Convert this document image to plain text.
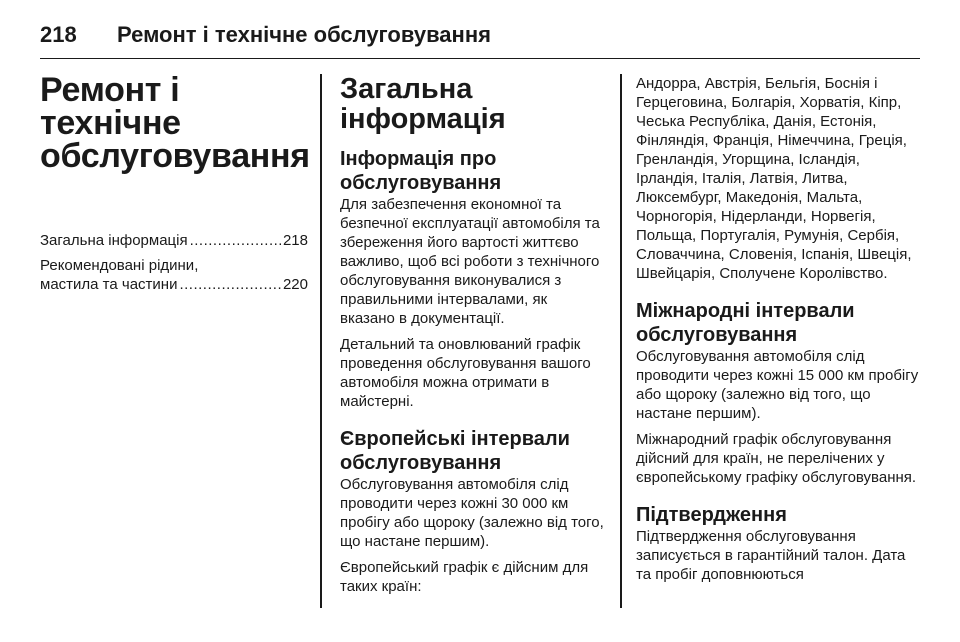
218 Ремонт і технічне обслуговування
Ремонт і технічне обслуговування
Загальна інформація .....	218
Рекомендовані рідини,
мастила та частини .....	220
Загальна інформація
Інформація про обслуговування

Для забезпечення економної та безпечної експлуатації автомобіля та збереження його вартості життєво важливо, щоб всі роботи з технічного обслуговування виконувалися з правильними інтервалами, як вказано в документації.

Детальний та оновлюваний графік проведення обслуговування вашого автомобіля можна отримати в майстерні.

Європейські інтервали обслуговування

Обслуговування автомобіля слід проводити через кожні 30 000 км пробігу або щороку (залежно від того, що настане першим).

Європейський графік є дійсним для таких країн:

Андорра, Австрія, Бельгія, Боснія і Герцеговина, Болгарія, Хорватія, Кіпр, Чеська Республіка, Данія, Естонія, Фінляндія, Франція, Німеччина, Греція, Гренландія, Угорщина, Ісландія, Ірландія, Італія, Латвія, Литва, Люксембург, Македонія, Мальта, Чорногорія, Нідерланди, Норвегія, Польща, Португалія, Румунія, Сербія, Словаччина, Словенія, Іспанія, Швеція, Швейцарія, Сполучене Королівство.

Міжнародні інтервали обслуговування

Обслуговування автомобіля слід проводити через кожні 15 000 км пробігу або щороку (залежно від того, що настане першим).

Міжнародний графік обслуговування дійсний для країн, не перелічених у європейському графіку обслуговування.

Підтвердження

Підтвердження обслуговування записується в гарантійний талон. Дата та пробіг доповнюються
